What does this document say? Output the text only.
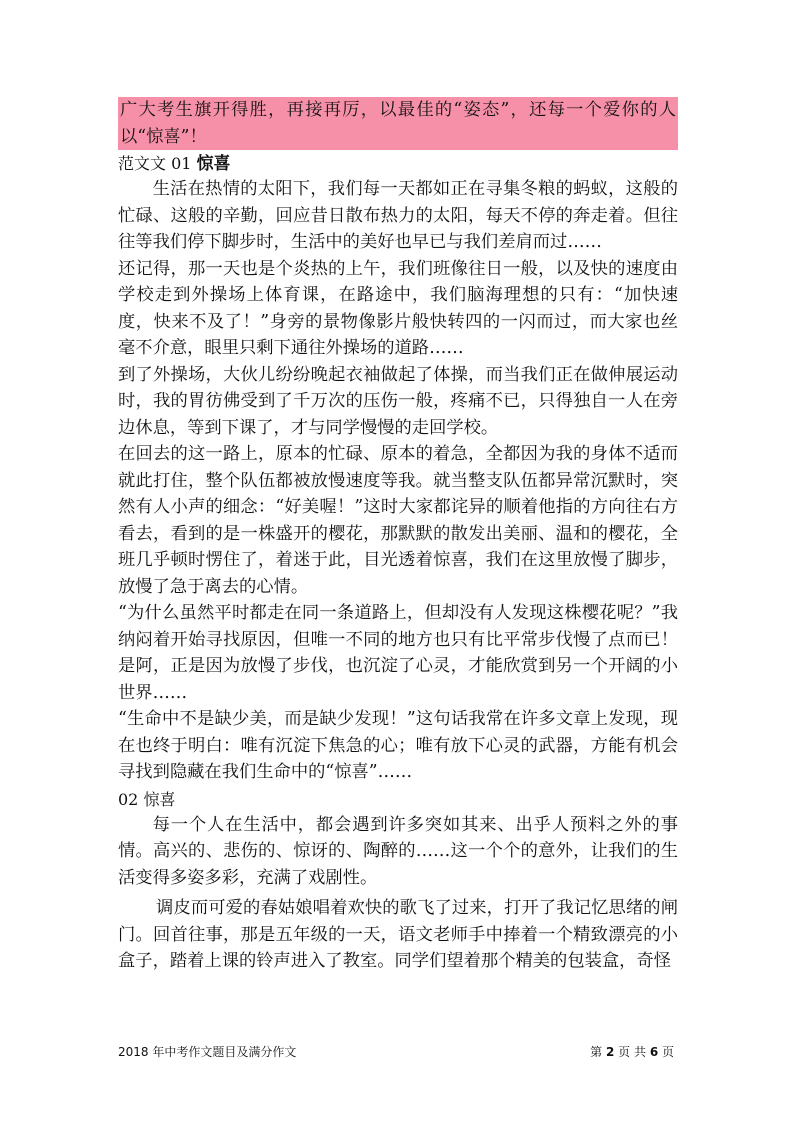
广大考生旗开得胜，再接再厉，以最佳的“姿态”，还每一个爱你的人以“惊喜”！
范文文 01 惊喜

生活在热情的太阳下，我们每一天都如正在寻集冬粮的蚂蚁，这般的忙碌、这般的辛勤，回应昔日散布热力的太阳，每天不停的奔走着。但往往等我们停下脚步时，生活中的美好也早已与我们差肩而过……

还记得，那一天也是个炎热的上午，我们班像往日一般，以及快的速度由学校走到外操场上体育课，在路途中，我们脑海理想的只有：“加快速度，快来不及了！”身旁的景物像影片般快转四的一闪而过，而大家也丝毫不介意，眼里只剩下通往外操场的道路……

到了外操场，大伙儿纷纷晚起衣袖做起了体操，而当我们正在做伸展运动时，我的胃彷佛受到了千万次的压伤一般，疼痛不已，只得独自一人在旁边休息，等到下课了，才与同学慢慢的走回学校。

在回去的这一路上，原本的忙碌、原本的着急，全都因为我的身体不适而就此打住，整个队伍都被放慢速度等我。就当整支队伍都异常沉默时，突然有人小声的细念：“好美喔！”这时大家都诧异的顺着他指的方向往右方看去，看到的是一株盛开的樱花，那默默的散发出美丽、温和的樱花，全班几乎顿时愣住了，着迷于此，目光透着惊喜，我们在这里放慢了脚步，放慢了急于离去的心情。

“为什么虽然平时都走在同一条道路上，但却没有人发现这株樱花呢？”我纳闷着开始寻找原因，但唯一不同的地方也只有比平常步伐慢了点而已！是阿，正是因为放慢了步伐，也沉淀了心灵，才能欣赏到另一个开阔的小世界……

“生命中不是缺少美，而是缺少发现！”这句话我常在许多文章上发现，现在也终于明白：唯有沉淀下焦急的心；唯有放下心灵的武器，方能有机会寻找到隐藏在我们生命中的“惊喜”……

02 惊喜

每一个人在生活中，都会遇到许多突如其来、出乎人预料之外的事情。高兴的、悲伤的、惊讶的、陶醉的……这一个个的意外，让我们的生活变得多姿多彩，充满了戏剧性。

调皮而可爱的春姑娘唱着欢快的歌飞了过来，打开了我记忆思绪的闸门。回首往事，那是五年级的一天，语文老师手中捧着一个精致漂亮的小盒子，踏着上课的铃声进入了教室。同学们望着那个精美的包装盒，奇怪

2018 年中考作文题目及满分作文	第 2 页 共 6 页
